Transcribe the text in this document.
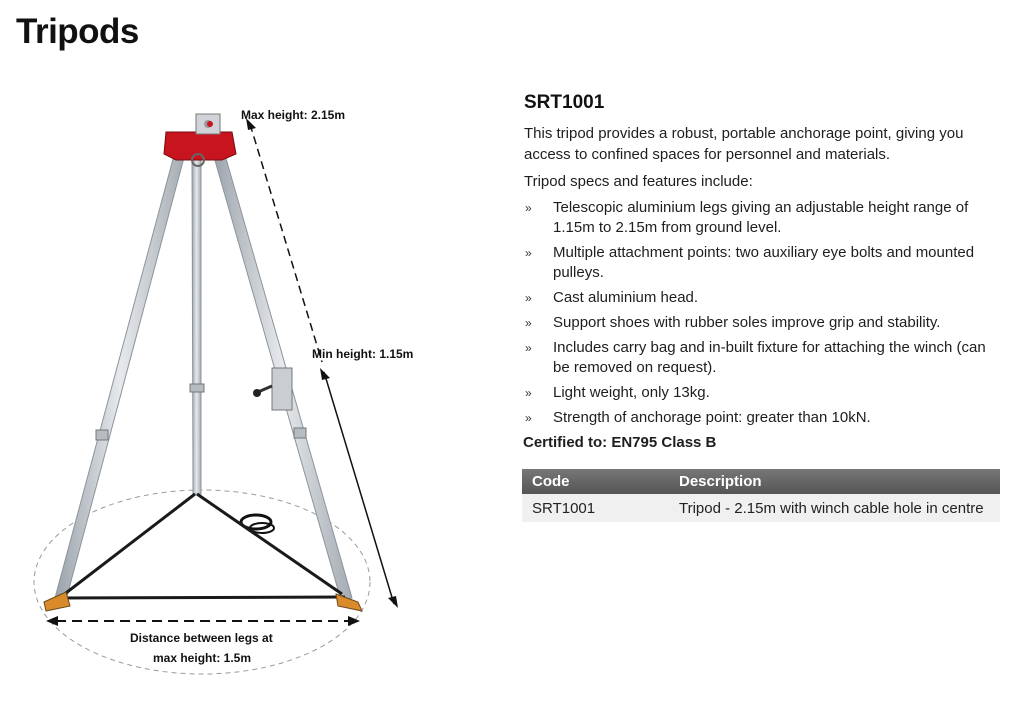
Tripods
Max height: 2.15m
Min height: 1.15m
Distance between legs at
max height: 1.5m
SRT1001

This tripod provides a robust, portable anchorage point, giving you access to confined spaces for personnel and materials.

Tripod specs and features include:

»	Telescopic aluminium legs giving an adjustable height range of 1.15m to 2.15m from ground level.
»	Multiple attachment points: two auxiliary eye bolts and mounted pulleys.
»	Cast aluminium head.
»	Support shoes with rubber soles improve grip and stability.
»	Includes carry bag and in-built fixture for attaching the winch (can be removed on request).
»	Light weight, only 13kg.
»	Strength of anchorage point: greater than 10kN.

Certified to: EN795 Class B

Code	Description
SRT1001	Tripod - 2.15m with winch cable hole in centre
